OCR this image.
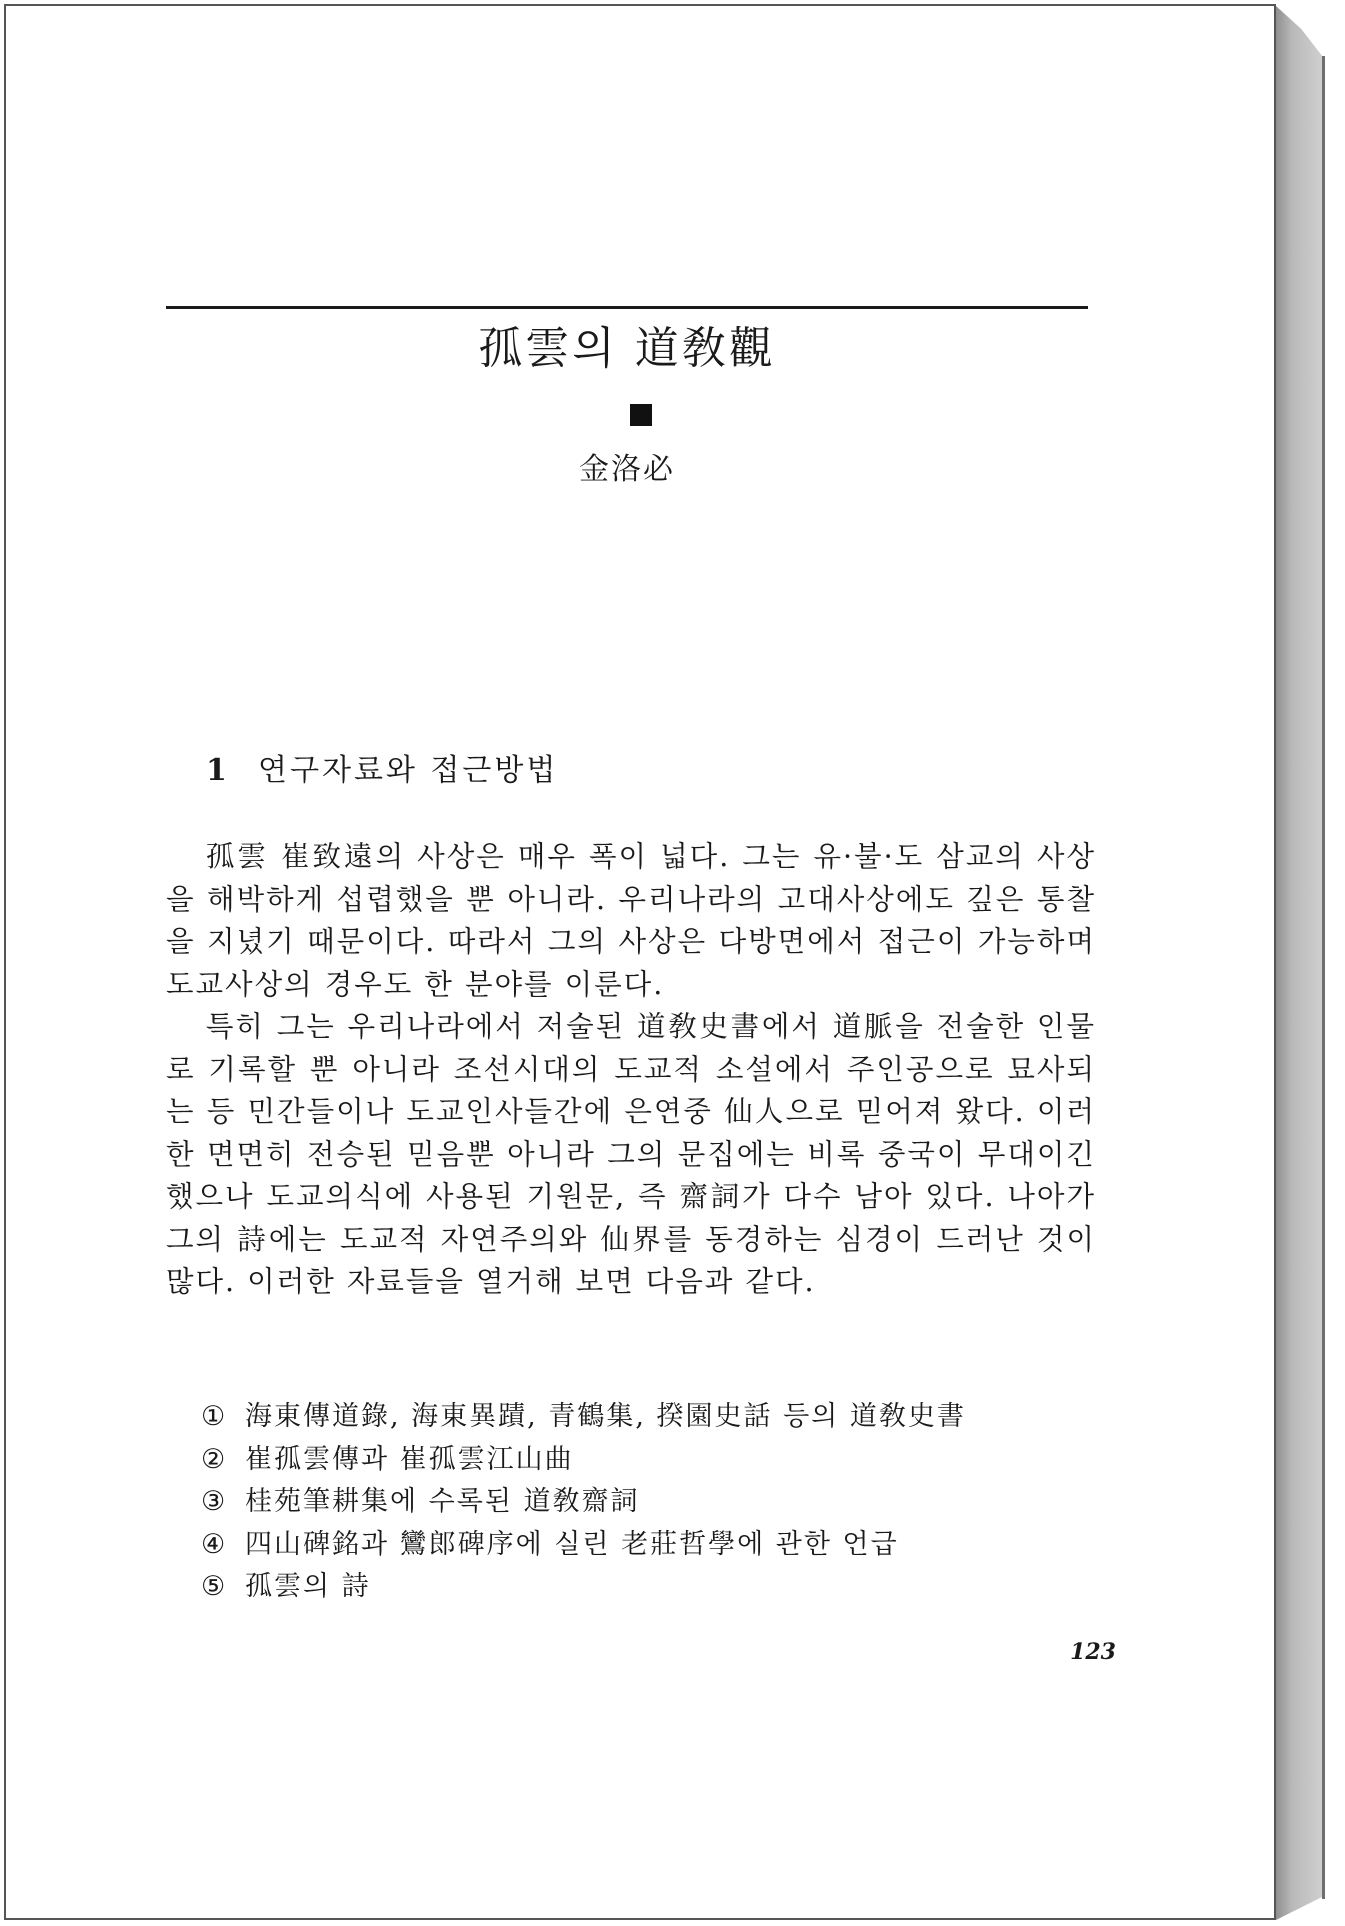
孤雲의 道敎觀
金洛必
1 연구자료와 접근방법

孤雲 崔致遠의 사상은 매우 폭이 넓다. 그는 유·불·도 삼교의 사상을 해박하게 섭렵했을 뿐 아니라. 우리나라의 고대사상에도 깊은 통찰을 지녔기 때문이다. 따라서 그의 사상은 다방면에서 접근이 가능하며 도교사상의 경우도 한 분야를 이룬다.

특히 그는 우리나라에서 저술된 道敎史書에서 道脈을 전술한 인물로 기록할 뿐 아니라 조선시대의 도교적 소설에서 주인공으로 묘사되는 등 민간들이나 도교인사들간에 은연중 仙人으로 믿어져 왔다. 이러한 면면히 전승된 믿음뿐 아니라 그의 문집에는 비록 중국이 무대이긴 했으나 도교의식에 사용된 기원문, 즉 齋詞가 다수 남아 있다. 나아가 그의 詩에는 도교적 자연주의와 仙界를 동경하는 심경이 드러난 것이 많다. 이러한 자료들을 열거해 보면 다음과 같다.

① 海東傳道錄, 海東異蹟, 青鶴集, 揆園史話 등의 道敎史書
② 崔孤雲傳과 崔孤雲江山曲
③ 桂苑筆耕集에 수록된 道敎齋詞
④ 四山碑銘과 鸞郎碑序에 실린 老莊哲學에 관한 언급
⑤ 孤雲의 詩
123
